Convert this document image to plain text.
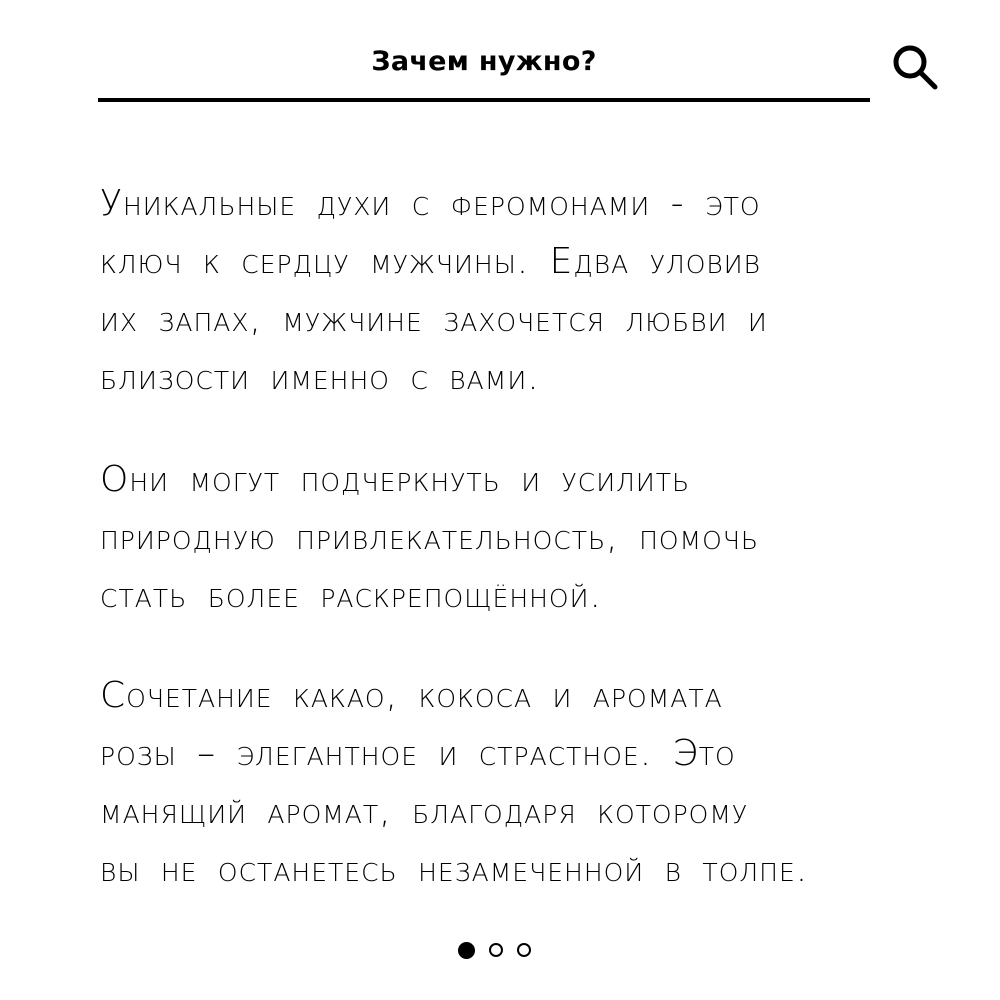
Зачем нужно?
Уникальные духи с феромонами - это
ключ к сердцу мужчины. Едва уловив
их запах, мужчине захочется любви и
близости именно с вами.
Они могут подчеркнуть и усилить
природную привлекательность, помочь
стать более раскрепощённой.
Сочетание какао, кокоса и аромата
розы – элегантное и страстное. Это
манящий аромат, благодаря которому
вы не останетесь незамеченной в толпе.
